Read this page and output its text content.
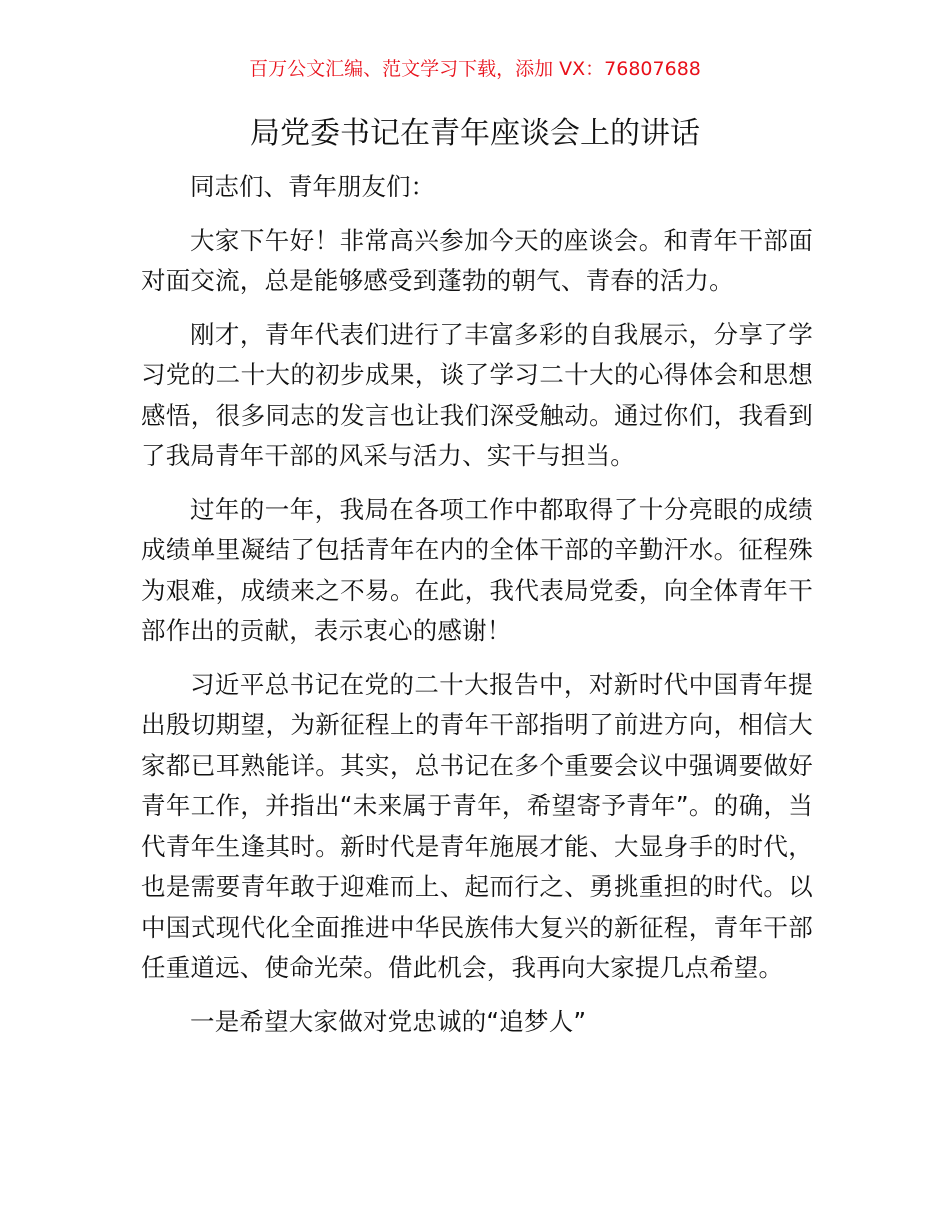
百万公文汇编、范文学习下载，添加 VX：76807688
局党委书记在青年座谈会上的讲话

同志们、青年朋友们：

大家下午好！非常高兴参加今天的座谈会。和青年干部面对面交流，总是能够感受到蓬勃的朝气、青春的活力。

刚才，青年代表们进行了丰富多彩的自我展示，分享了学习党的二十大的初步成果，谈了学习二十大的心得体会和思想感悟，很多同志的发言也让我们深受触动。通过你们，我看到了我局青年干部的风采与活力、实干与担当。

过年的一年，我局在各项工作中都取得了十分亮眼的成绩成绩单里凝结了包括青年在内的全体干部的辛勤汗水。征程殊为艰难，成绩来之不易。在此，我代表局党委，向全体青年干部作出的贡献，表示衷心的感谢！

习近平总书记在党的二十大报告中，对新时代中国青年提出殷切期望，为新征程上的青年干部指明了前进方向，相信大家都已耳熟能详。其实，总书记在多个重要会议中强调要做好青年工作，并指出“未来属于青年，希望寄予青年”。的确，当代青年生逢其时。新时代是青年施展才能、大显身手的时代，也是需要青年敢于迎难而上、起而行之、勇挑重担的时代。以中国式现代化全面推进中华民族伟大复兴的新征程，青年干部任重道远、使命光荣。借此机会，我再向大家提几点希望。

一是希望大家做对党忠诚的“追梦人”
